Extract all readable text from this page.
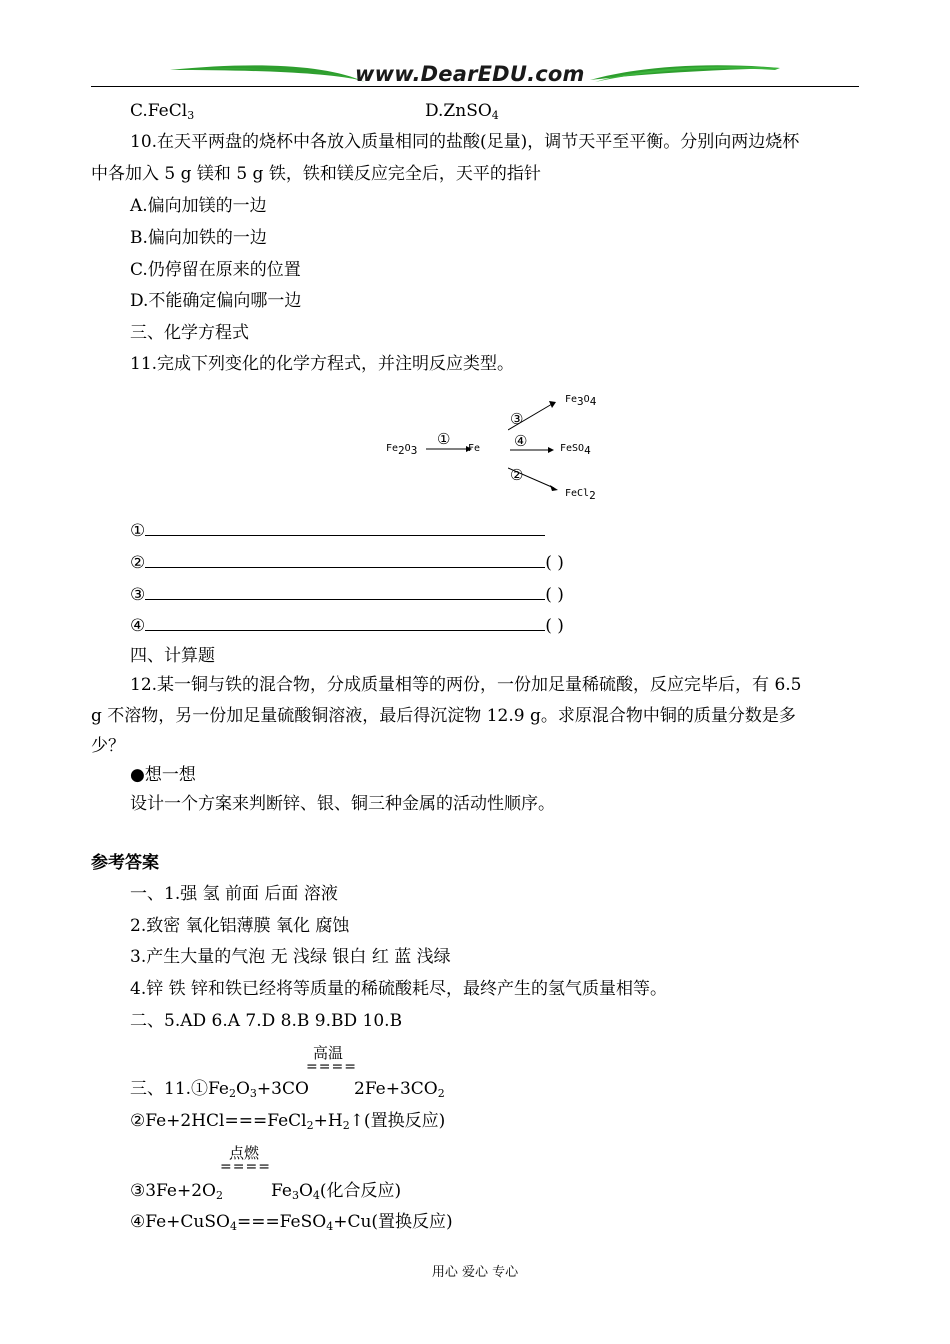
www.DearEDU.com
C.FeCl$_3$	D.ZnSO$_4$
10.在天平两盘的烧杯中各放入质量相同的盐酸(足量)，调节天平至平衡。分别向两边烧杯
中各加入 5 g 镁和 5 g 铁，铁和镁反应完全后，天平的指针
A.偏向加镁的一边
B.偏向加铁的一边
C.仍停留在原来的位置
D.不能确定偏向哪一边
三、化学方程式
11.完成下列变化的化学方程式，并注明反应类型。
$Fe_2O_3$
①
Fe
③
$Fe_3O_4$
④	FeSO$_4$
②
FeCl$_2$
①
②	( )
③	( )
④	( )
四、计算题
12.某一铜与铁的混合物，分成质量相等的两份，一份加足量稀硫酸，反应完毕后，有 6.5
g 不溶物，另一份加足量硫酸铜溶液，最后得沉淀物 12.9 g。求原混合物中铜的质量分数是多
少？
●想一想
设计一个方案来判断锌、银、铜三种金属的活动性顺序。
参考答案
一、1.强 氢 前面 后面 溶液
2.致密 氧化铝薄膜 氧化 腐蚀
3.产生大量的气泡 无 浅绿 银白 红 蓝 浅绿
4.锌 铁 锌和铁已经将等质量的稀硫酸耗尽，最终产生的氢气质量相等。
二、5.AD 6.A 7.D 8.B 9.BD 10.B
高温
====
三、$11.①Fe_2O_3+3CO$	$2Fe+3CO_2$
$②Fe+2HCl===FeCl_2+H_2↑$(置换反应)
点燃
====
$③3Fe+2O_2$	$Fe_3O_4$(化合反应)
④Fe+CuSO$_4$===FeSO$_4$+Cu(置换反应)
用心 爱心 专心
